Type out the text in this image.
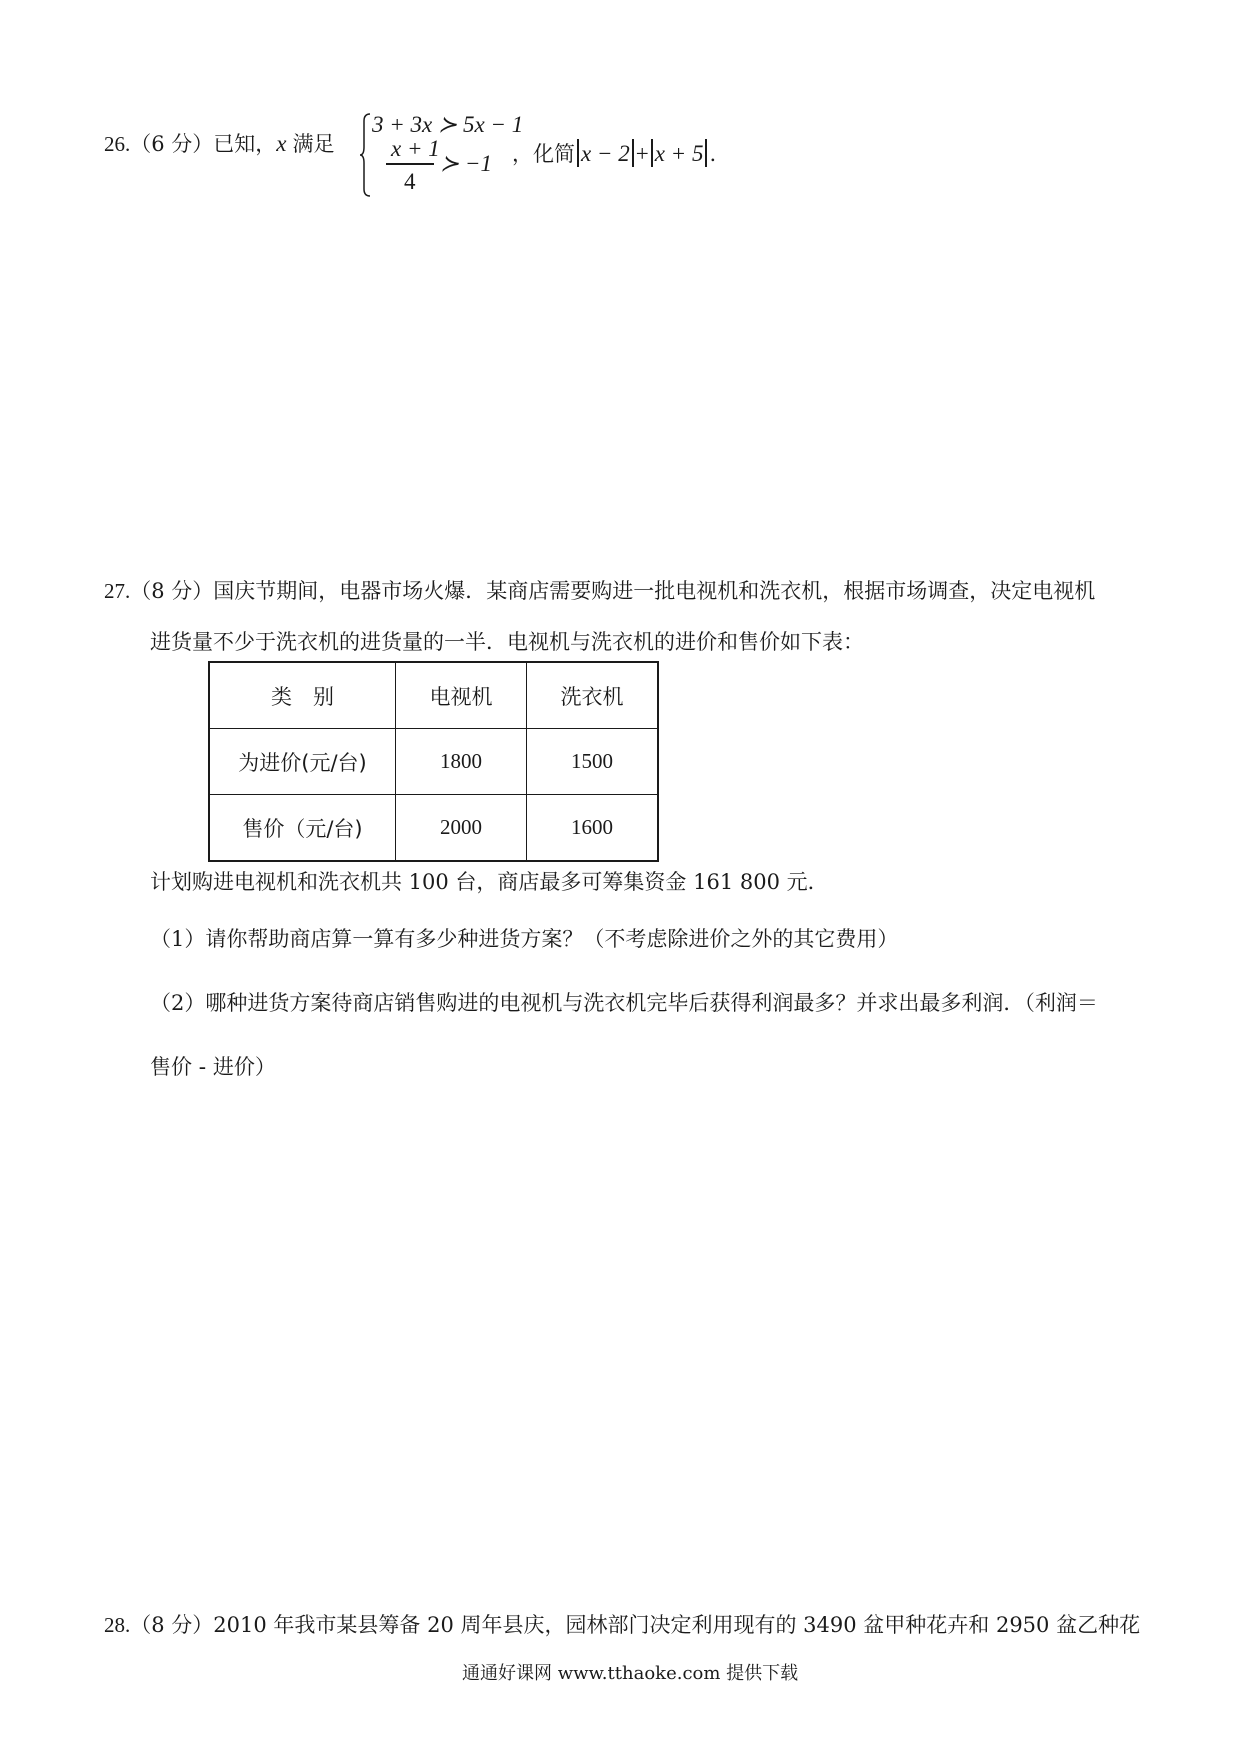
26.（6 分）已知，x 满足
3 + 3x ≻ 5x − 1
x + 1
4
≻ −1 ，化简 x − 2 + x + 5 .
27.（8 分）国庆节期间，电器市场火爆．某商店需要购进一批电视机和洗衣机，根据市场调查，决定电视机
进货量不少于洗衣机的进货量的一半．电视机与洗衣机的进价和售价如下表：
类　别	电视机	洗衣机
为进价(元/台)	1800	1500
售价（元/台)	2000	1600
计划购进电视机和洗衣机共 100 台，商店最多可筹集资金 161 800 元．
（1）请你帮助商店算一算有多少种进货方案？（不考虑除进价之外的其它费用）
（2）哪种进货方案待商店销售购进的电视机与洗衣机完毕后获得利润最多？并求出最多利润．（利润＝
售价 - 进价）
28.（8 分）2010 年我市某县筹备 20 周年县庆，园林部门决定利用现有的 3490 盆甲种花卉和 2950 盆乙种花
通通好课网 www.tthaoke.com 提供下载
